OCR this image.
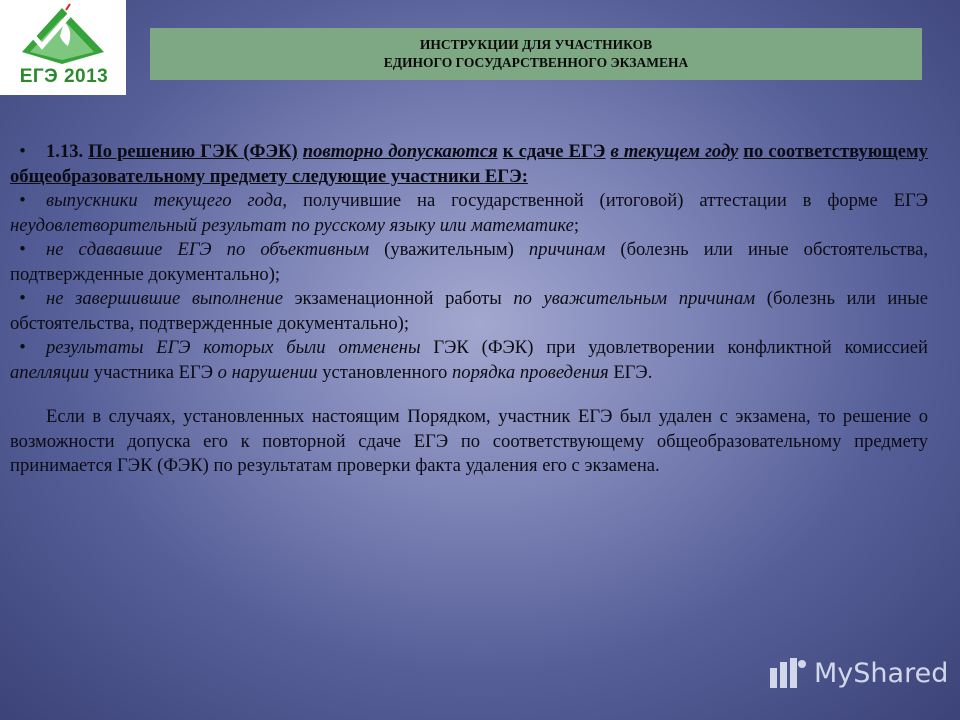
ЕГЭ 2013
ИНСТРУКЦИИ ДЛЯ УЧАСТНИКОВ
ЕДИНОГО ГОСУДАРСТВЕННОГО ЭКЗАМЕНА

• 1.13. По решению ГЭК (ФЭК) повторно допускаются к сдаче ЕГЭ в текущем году по соответствующему общеобразовательному предмету следующие участники ЕГЭ:

• выпускники текущего года, получившие на государственной (итоговой) аттестации в форме ЕГЭ неудовлетворительный результат по русскому языку или математике;

• не сдававшие ЕГЭ по объективным (уважительным) причинам (болезнь или иные обстоятельства, подтвержденные документально);

• не завершившие выполнение экзаменационной работы по уважительным причинам (болезнь или иные обстоятельства, подтвержденные документально);

• результаты ЕГЭ которых были отменены ГЭК (ФЭК) при удовлетворении конфликтной комиссией апелляции участника ЕГЭ о нарушении установленного порядка проведения ЕГЭ.

Если в случаях, установленных настоящим Порядком, участник ЕГЭ был удален с экзамена, то решение о возможности допуска его к повторной сдаче ЕГЭ по соответствующему общеобразовательному предмету принимается ГЭК (ФЭК) по результатам проверки факта удаления его с экзамена.

MyShared
